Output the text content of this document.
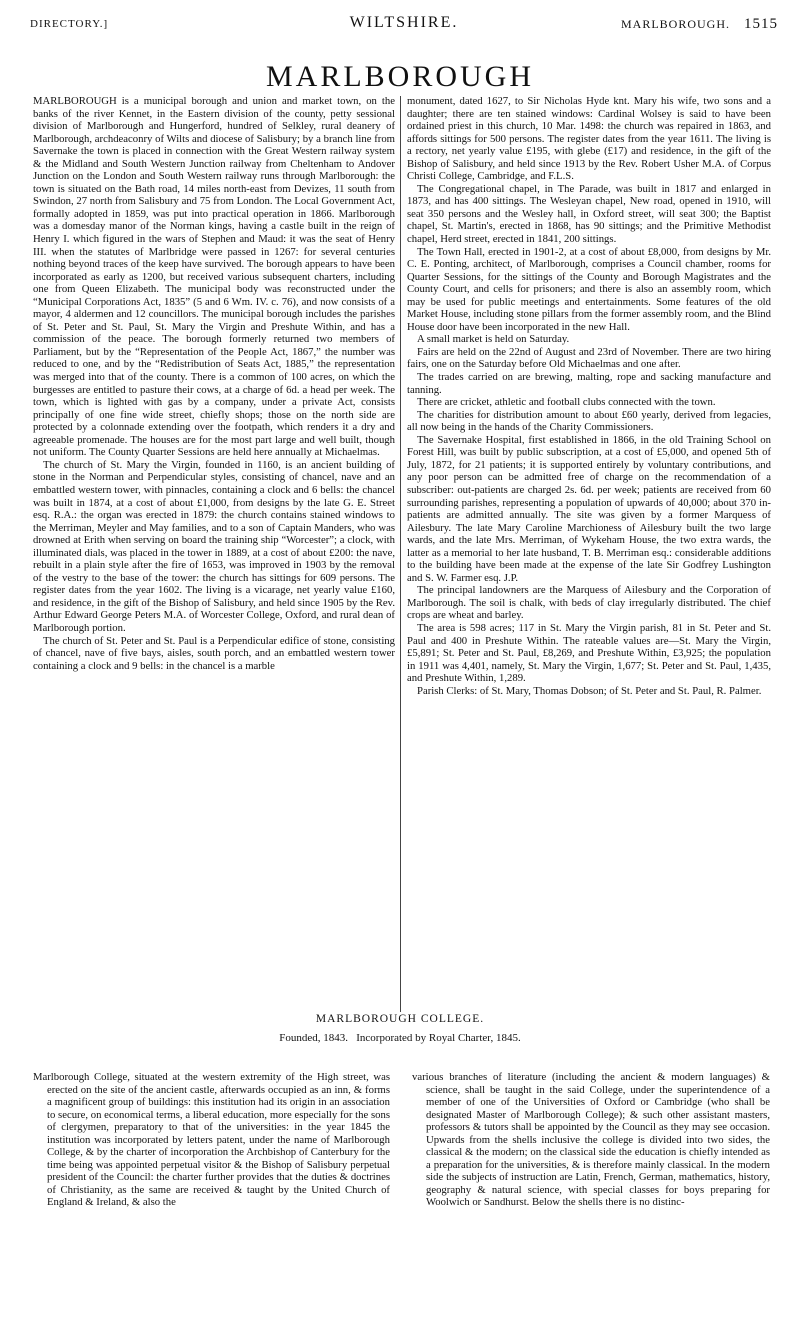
DIRECTORY.]	WILTSHIRE.	MARLBOROUGH. 1515
MARLBOROUGH

MARLBOROUGH is a municipal borough and union and market town, on the banks of the river Kennet, in the Eastern division of the county, petty sessional division of Marlborough and Hungerford, hundred of Selkley, rural deanery of Marlborough, archdeaconry of Wilts and diocese of Salisbury; by a branch line from Savernake the town is placed in connection with the Great Western railway system & the Midland and South Western Junction railway from Cheltenham to Andover Junction on the London and South Western railway runs through Marlborough: the town is situated on the Bath road, 14 miles north-east from Devizes, 11 south from Swindon, 27 north from Salisbury and 75 from London. The Local Government Act, formally adopted in 1859, was put into practical operation in 1866. Marlborough was a domesday manor of the Norman kings, having a castle built in the reign of Henry I. which figured in the wars of Stephen and Maud: it was the seat of Henry III. when the statutes of Marlbridge were passed in 1267: for several centuries nothing beyond traces of the keep have survived. The borough appears to have been incorporated as early as 1200, but received various subsequent charters, including one from Queen Elizabeth. The municipal body was reconstructed under the “Municipal Corporations Act, 1835” (5 and 6 Wm. IV. c. 76), and now consists of a mayor, 4 aldermen and 12 councillors. The municipal borough includes the parishes of St. Peter and St. Paul, St. Mary the Virgin and Preshute Within, and has a commission of the peace. The borough formerly returned two members of Parliament, but by the “Representation of the People Act, 1867,” the number was reduced to one, and by the “Redistribution of Seats Act, 1885,” the representation was merged into that of the county. There is a common of 100 acres, on which the burgesses are entitled to pasture their cows, at a charge of 6d. a head per week. The town, which is lighted with gas by a company, under a private Act, consists principally of one fine wide street, chiefly shops; those on the north side are protected by a colonnade extending over the footpath, which renders it a dry and agreeable promenade. The houses are for the most part large and well built, though not uniform. The County Quarter Sessions are held here annually at Michaelmas.

The church of St. Mary the Virgin, founded in 1160, is an ancient building of stone in the Norman and Perpendicular styles, consisting of chancel, nave and an embattled western tower, with pinnacles, containing a clock and 6 bells: the chancel was built in 1874, at a cost of about £1,000, from designs by the late G. E. Street esq. R.A.: the organ was erected in 1879: the church contains stained windows to the Merriman, Meyler and May families, and to a son of Captain Manders, who was drowned at Erith when serving on board the training ship “Worcester”; a clock, with illuminated dials, was placed in the tower in 1889, at a cost of about £200: the nave, rebuilt in a plain style after the fire of 1653, was improved in 1903 by the removal of the vestry to the base of the tower: the church has sittings for 609 persons. The register dates from the year 1602. The living is a vicarage, net yearly value £160, and residence, in the gift of the Bishop of Salisbury, and held since 1905 by the Rev. Arthur Edward George Peters M.A. of Worcester College, Oxford, and rural dean of Marlborough portion.

The church of St. Peter and St. Paul is a Perpendicular edifice of stone, consisting of chancel, nave of five bays, aisles, south porch, and an embattled western tower containing a clock and 9 bells: in the chancel is a marble

monument, dated 1627, to Sir Nicholas Hyde knt. Mary his wife, two sons and a daughter; there are ten stained windows: Cardinal Wolsey is said to have been ordained priest in this church, 10 Mar. 1498: the church was repaired in 1863, and affords sittings for 500 persons. The register dates from the year 1611. The living is a rectory, net yearly value £195, with glebe (£17) and residence, in the gift of the Bishop of Salisbury, and held since 1913 by the Rev. Robert Usher M.A. of Corpus Christi College, Cambridge, and F.L.S.

The Congregational chapel, in The Parade, was built in 1817 and enlarged in 1873, and has 400 sittings. The Wesleyan chapel, New road, opened in 1910, will seat 350 persons and the Wesley hall, in Oxford street, will seat 300; the Baptist chapel, St. Martin's, erected in 1868, has 90 sittings; and the Primitive Methodist chapel, Herd street, erected in 1841, 200 sittings.

The Town Hall, erected in 1901-2, at a cost of about £8,000, from designs by Mr. C. E. Ponting, architect, of Marlborough, comprises a Council chamber, rooms for Quarter Sessions, for the sittings of the County and Borough Magistrates and the County Court, and cells for prisoners; and there is also an assembly room, which may be used for public meetings and entertainments. Some features of the old Market House, including stone pillars from the former assembly room, and the Blind House door have been incorporated in the new Hall.

A small market is held on Saturday.

Fairs are held on the 22nd of August and 23rd of November. There are two hiring fairs, one on the Saturday before Old Michaelmas and one after.

The trades carried on are brewing, malting, rope and sacking manufacture and tanning.

There are cricket, athletic and football clubs connected with the town.

The charities for distribution amount to about £60 yearly, derived from legacies, all now being in the hands of the Charity Commissioners.

The Savernake Hospital, first established in 1866, in the old Training School on Forest Hill, was built by public subscription, at a cost of £5,000, and opened 5th of July, 1872, for 21 patients; it is supported entirely by voluntary contributions, and any poor person can be admitted free of charge on the recommendation of a subscriber: out-patients are charged 2s. 6d. per week; patients are received from 60 surrounding parishes, representing a population of upwards of 40,000; about 370 in-patients are admitted annually. The site was given by a former Marquess of Ailesbury. The late Mary Caroline Marchioness of Ailesbury built the two large wards, and the late Mrs. Merriman, of Wykeham House, the two extra wards, the latter as a memorial to her late husband, T. B. Merriman esq.: considerable additions to the building have been made at the expense of the late Sir Godfrey Lushington and S. W. Farmer esq. J.P.

The principal landowners are the Marquess of Ailesbury and the Corporation of Marlborough. The soil is chalk, with beds of clay irregularly distributed. The chief crops are wheat and barley.

The area is 598 acres; 117 in St. Mary the Virgin parish, 81 in St. Peter and St. Paul and 400 in Preshute Within. The rateable values are—St. Mary the Virgin, £5,891; St. Peter and St. Paul, £8,269, and Preshute Within, £3,925; the population in 1911 was 4,401, namely, St. Mary the Virgin, 1,677; St. Peter and St. Paul, 1,435, and Preshute Within, 1,289.

Parish Clerks: of St. Mary, Thomas Dobson; of St. Peter and St. Paul, R. Palmer.

MARLBOROUGH COLLEGE.

Founded, 1843. Incorporated by Royal Charter, 1845.

Marlborough College, situated at the western extremity of the High street, was erected on the site of the ancient castle, afterwards occupied as an inn, & forms a magnificent group of buildings: this institution had its origin in an association to secure, on economical terms, a liberal education, more especially for the sons of clergymen, preparatory to that of the universities: in the year 1845 the institution was incorporated by letters patent, under the name of Marlborough College, & by the charter of incorporation the Archbishop of Canterbury for the time being was appointed perpetual visitor & the Bishop of Salisbury perpetual president of the Council: the charter further provides that the duties & doctrines of Christianity, as the same are received & taught by the United Church of England & Ireland, & also the

various branches of literature (including the ancient & modern languages) & science, shall be taught in the said College, under the superintendence of a member of one of the Universities of Oxford or Cambridge (who shall be designated Master of Marlborough College); & such other assistant masters, professors & tutors shall be appointed by the Council as they may see occasion. Upwards from the shells inclusive the college is divided into two sides, the classical & the modern; on the classical side the education is chiefly intended as a preparation for the universities, & is therefore mainly classical. In the modern side the subjects of instruction are Latin, French, German, mathematics, history, geography & natural science, with special classes for boys preparing for Woolwich or Sandhurst. Below the shells there is no distinc-
